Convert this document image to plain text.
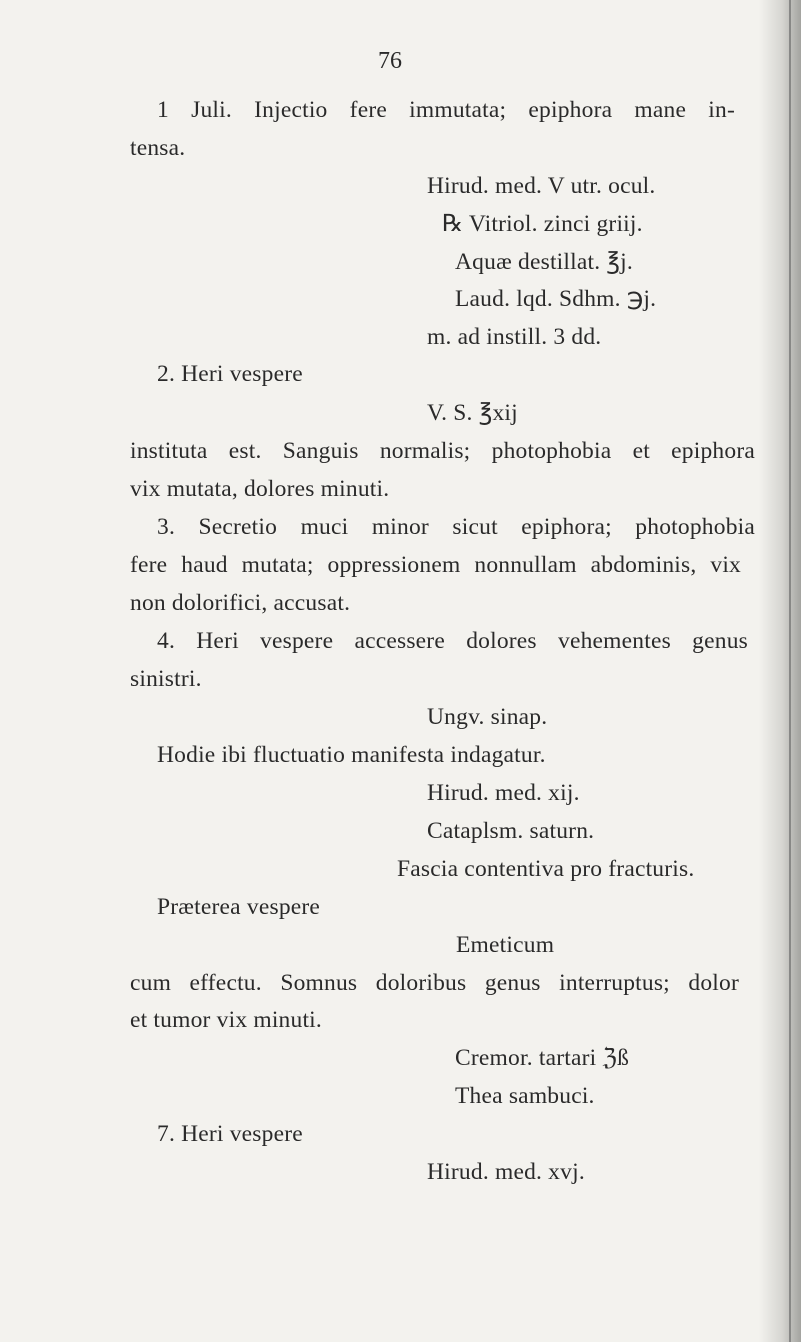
76
1 Juli. Injectio fere immutata; epiphora mane in-
tensa.
Hirud. med. V utr. ocul.
℞ Vitriol. zinci griij.
Aquæ destillat. ℥j.
Laud. lqd. Sdhm. ℈j.
m. ad instill. 3 dd.
2. Heri vespere
V. S. ℥xij
instituta est. Sanguis normalis; photophobia et epiphora
vix mutata, dolores minuti.
3. Secretio muci minor sicut epiphora; photophobia
fere haud mutata; oppressionem nonnullam abdominis, vix
non dolorifici, accusat.
4. Heri vespere accessere dolores vehementes genus
sinistri.
Ungv. sinap.
Hodie ibi fluctuatio manifesta indagatur.
Hirud. med. xij.
Cataplsm. saturn.
Fascia contentiva pro fracturis.
Præterea vespere
Emeticum
cum effectu. Somnus doloribus genus interruptus; dolor
et tumor vix minuti.
Cremor. tartari ℨß
Thea sambuci.
7. Heri vespere
Hirud. med. xvj.
